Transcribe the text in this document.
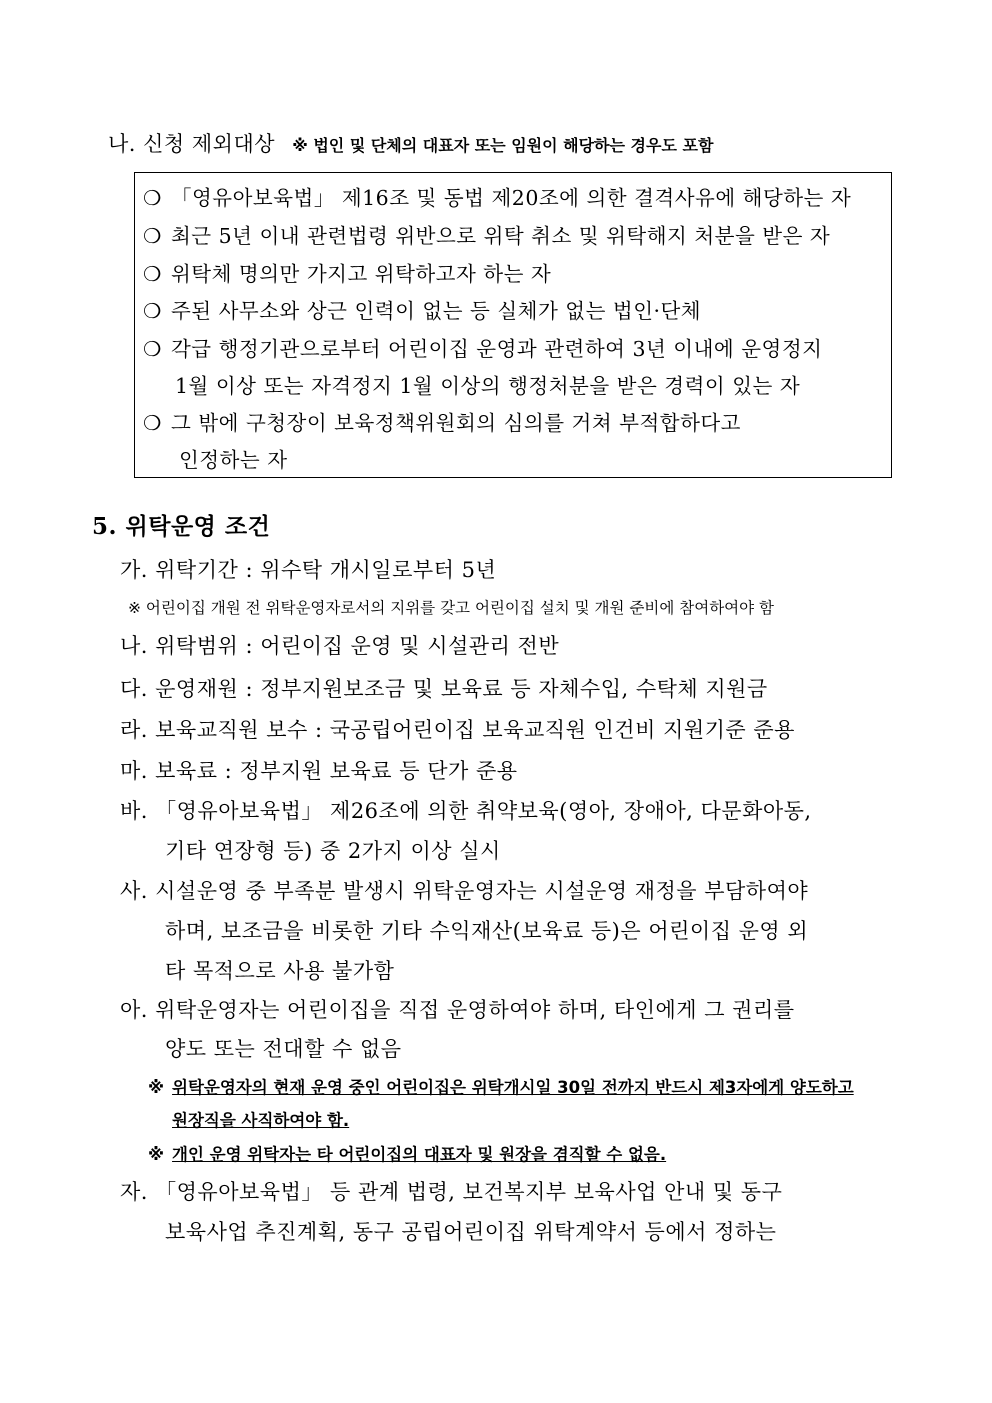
나. 신청 제외대상 ※ 법인 및 단체의 대표자 또는 임원이 해당하는 경우도 포함
❍ 「영유아보육법」 제16조 및 동법 제20조에 의한 결격사유에 해당하는 자
❍ 최근 5년 이내 관련법령 위반으로 위탁 취소 및 위탁해지 처분을 받은 자
❍ 위탁체 명의만 가지고 위탁하고자 하는 자
❍ 주된 사무소와 상근 인력이 없는 등 실체가 없는 법인·단체
❍ 각급 행정기관으로부터 어린이집 운영과 관련하여 3년 이내에 운영정지
1월 이상 또는 자격정지 1월 이상의 행정처분을 받은 경력이 있는 자
❍ 그 밖에 구청장이 보육정책위원회의 심의를 거쳐 부적합하다고
인정하는 자
5. 위탁운영 조건
가. 위탁기간 : 위수탁 개시일로부터 5년
※ 어린이집 개원 전 위탁운영자로서의 지위를 갖고 어린이집 설치 및 개원 준비에 참여하여야 함
나. 위탁범위 : 어린이집 운영 및 시설관리 전반
다. 운영재원 : 정부지원보조금 및 보육료 등 자체수입, 수탁체 지원금
라. 보육교직원 보수 : 국공립어린이집 보육교직원 인건비 지원기준 준용
마. 보육료 : 정부지원 보육료 등 단가 준용
바. 「영유아보육법」 제26조에 의한 취약보육(영아, 장애아, 다문화아동,
기타 연장형 등) 중 2가지 이상 실시
사. 시설운영 중 부족분 발생시 위탁운영자는 시설운영 재정을 부담하여야
하며, 보조금을 비롯한 기타 수익재산(보육료 등)은 어린이집 운영 외
타 목적으로 사용 불가함
아. 위탁운영자는 어린이집을 직접 운영하여야 하며, 타인에게 그 권리를
양도 또는 전대할 수 없음
※ 위탁운영자의 현재 운영 중인 어린이집은 위탁개시일 30일 전까지 반드시 제3자에게 양도하고
원장직을 사직하여야 함.
※ 개인 운영 위탁자는 타 어린이집의 대표자 및 원장을 겸직할 수 없음.
자. 「영유아보육법」 등 관계 법령, 보건복지부 보육사업 안내 및 동구
보육사업 추진계획, 동구 공립어린이집 위탁계약서 등에서 정하는
